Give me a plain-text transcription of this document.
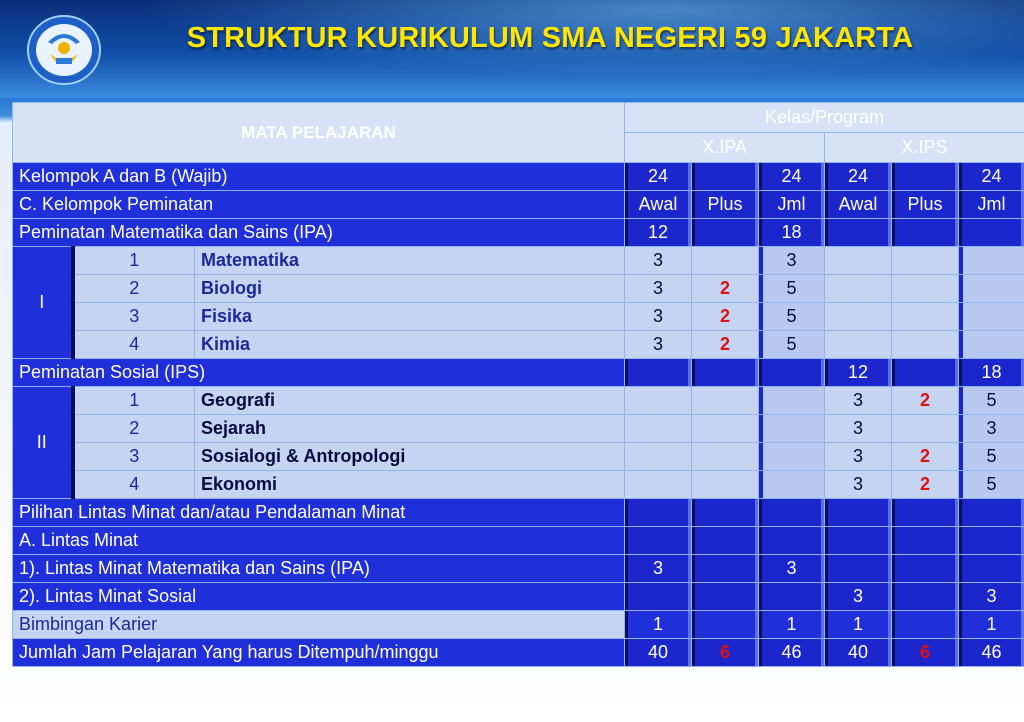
STRUKTUR KURIKULUM SMA NEGERI 59 JAKARTA
MATA PELAJARAN			Kelas/Program					
			X.IPA			X.IPS		
Kelompok A dan B (Wajib)			24		24	24		24
C. Kelompok Peminatan			Awal	Plus	Jml	Awal	Plus	Jml
Peminatan Matematika dan Sains (IPA)			12		18			
I	1	Matematika	3		3			
	2	Biologi	3	2	5			
	3	Fisika	3	2	5			
	4	Kimia	3	2	5			
Peminatan Sosial (IPS)						12		18
II	1	Geografi				3	2	5
	2	Sejarah				3		3
	3	Sosialogi & Antropologi				3	2	5
	4	Ekonomi				3	2	5
Pilihan Lintas Minat dan/atau Pendalaman Minat								
A. Lintas Minat								
1). Lintas Minat Matematika dan Sains (IPA)			3		3			
2). Lintas Minat Sosial						3		3
Bimbingan Karier			1		1	1		1
Jumlah Jam Pelajaran Yang harus Ditempuh/minggu			40	6	46	40	6	46
